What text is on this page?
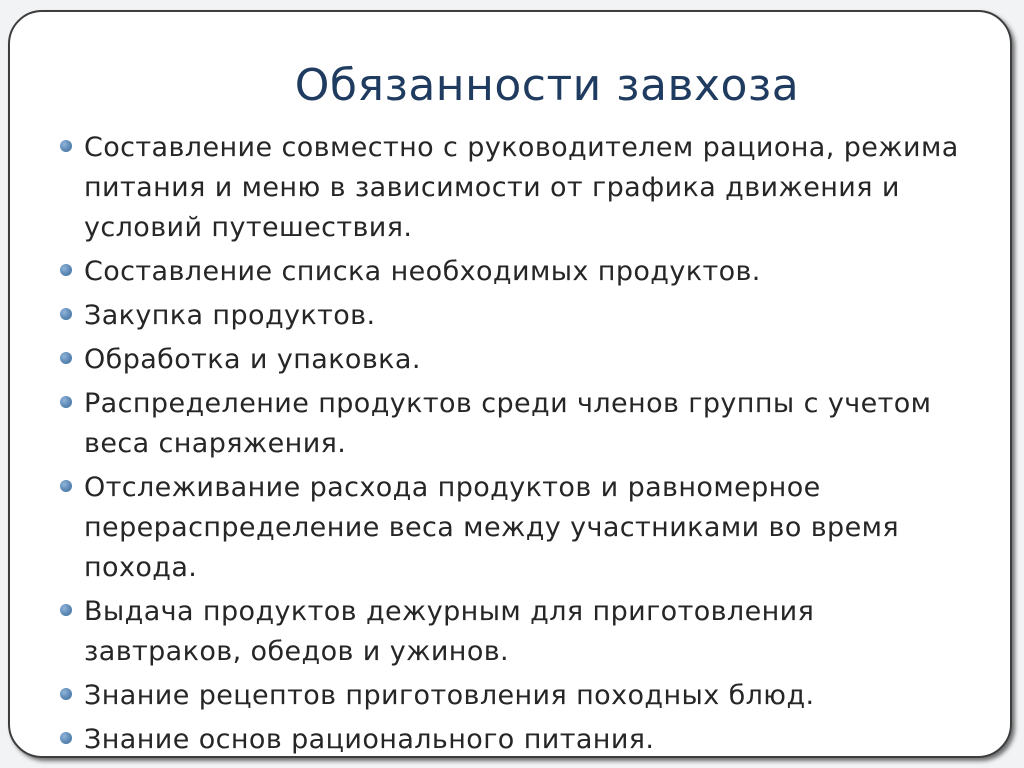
Обязанности завхоза
Составление совместно с руководителем рациона, режима питания и меню в зависимости от графика движения и условий путешествия.
Составление списка необходимых продуктов.
Закупка продуктов.
Обработка и упаковка.
Распределение продуктов среди членов группы с учетом веса снаряжения.
Отслеживание расхода продуктов и равномерное перераспределение веса между участниками во время похода.
Выдача продуктов дежурным для приготовления завтраков, обедов и ужинов.
Знание рецептов приготовления походных блюд.
Знание основ рационального питания.
